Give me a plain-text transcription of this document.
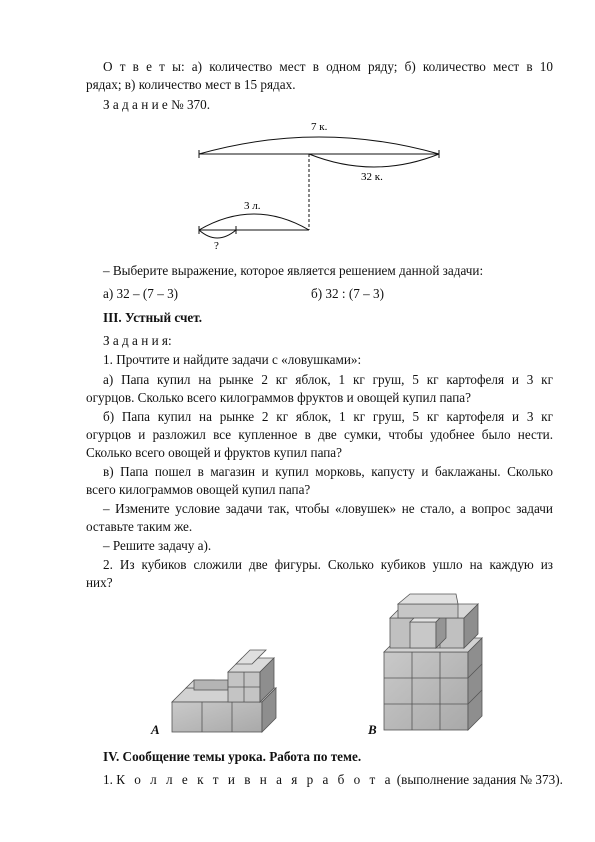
О т в е т ы: а) количество мест в одном ряду; б) количество мест в 10
рядах; в) количество мест в 15 рядах.
З а д а н и е № 370.
7 к.
32 к.
3 л.
?
– Выберите выражение, которое является решением данной задачи:
а) 32 – (7 – 3)	б) 32 : (7 – 3)
III. Устный счет.
З а д а н и я:
1. Прочтите и найдите задачи с «ловушками»:
а) Папа купил на рынке 2 кг яблок, 1 кг груш, 5 кг картофеля и 3 кг
огурцов. Сколько всего килограммов фруктов и овощей купил папа?
б) Папа купил на рынке 2 кг яблок, 1 кг груш, 5 кг картофеля и 3 кг
огурцов и разложил все купленное в две сумки, чтобы удобнее было нести.
Сколько всего овощей и фруктов купил папа?
в) Папа пошел в магазин и купил морковь, капусту и баклажаны. Сколько
всего килограммов овощей купил папа?
– Измените условие задачи так, чтобы «ловушек» не стало, а вопрос задачи
оставьте таким же.
– Решите задачу а).
2. Из кубиков сложили две фигуры. Сколько кубиков ушло на каждую из
них?
А	В
IV. Сообщение темы урока. Работа по теме.
1. К о л л е к т и в н а я р а б о т а (выполнение задания № 373).
